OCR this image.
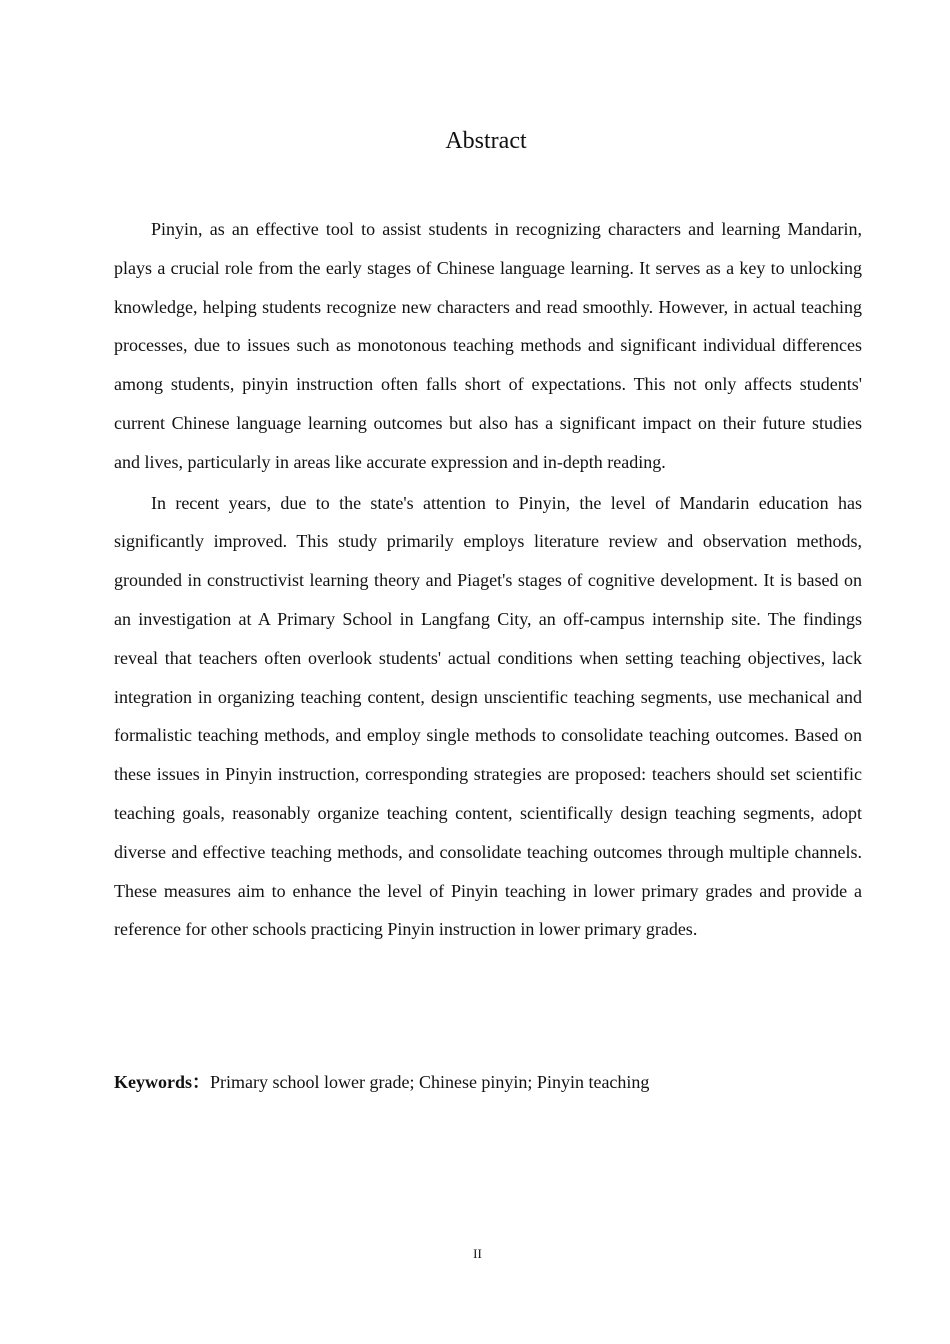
Abstract

Pinyin, as an effective tool to assist students in recognizing characters and learning Mandarin, plays a crucial role from the early stages of Chinese language learning. It serves as a key to unlocking knowledge, helping students recognize new characters and read smoothly. However, in actual teaching processes, due to issues such as monotonous teaching methods and significant individual differences among students, pinyin instruction often falls short of expectations. This not only affects students' current Chinese language learning outcomes but also has a significant impact on their future studies and lives, particularly in areas like accurate expression and in-depth reading.

In recent years, due to the state's attention to Pinyin, the level of Mandarin education has significantly improved. This study primarily employs literature review and observation methods, grounded in constructivist learning theory and Piaget's stages of cognitive development. It is based on an investigation at A Primary School in Langfang City, an off-campus internship site. The findings reveal that teachers often overlook students' actual conditions when setting teaching objectives, lack integration in organizing teaching content, design unscientific teaching segments, use mechanical and formalistic teaching methods, and employ single methods to consolidate teaching outcomes. Based on these issues in Pinyin instruction, corresponding strategies are proposed: teachers should set scientific teaching goals, reasonably organize teaching content, scientifically design teaching segments, adopt diverse and effective teaching methods, and consolidate teaching outcomes through multiple channels. These measures aim to enhance the level of Pinyin teaching in lower primary grades and provide a reference for other schools practicing Pinyin instruction in lower primary grades.

Keywords：Primary school lower grade; Chinese pinyin; Pinyin teaching

II
